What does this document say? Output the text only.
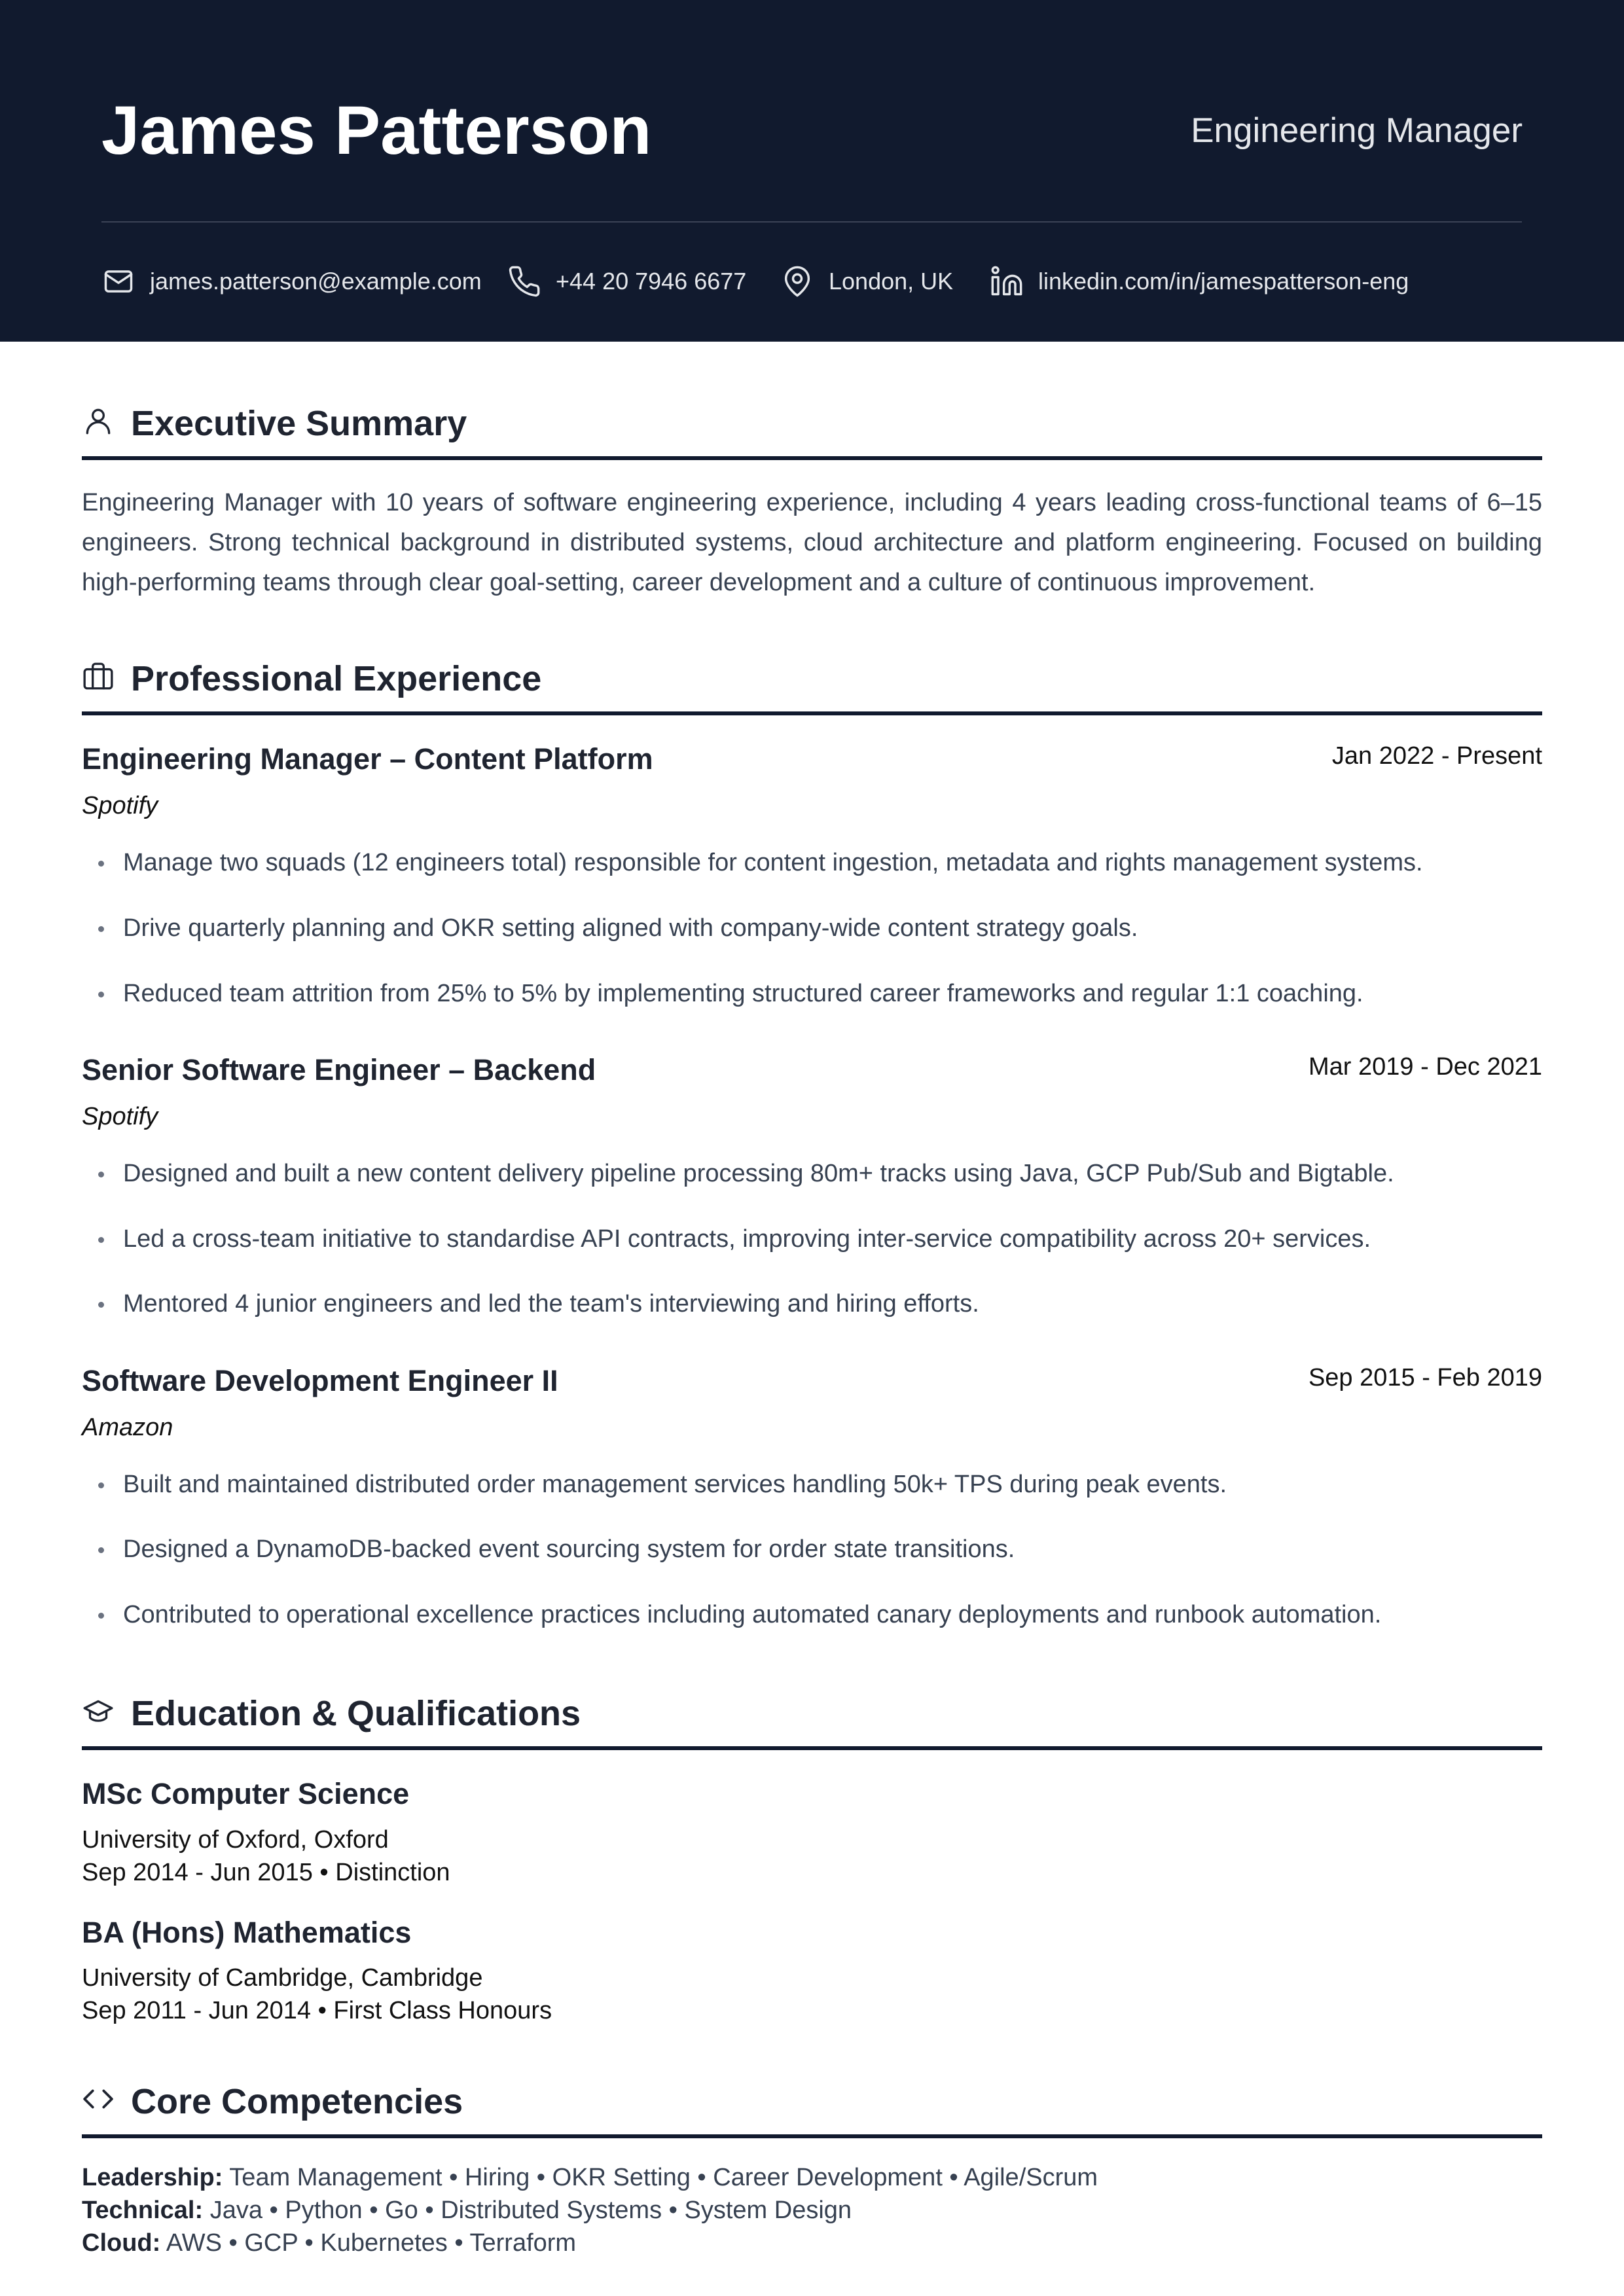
James Patterson	Engineering Manager
james.patterson@example.com	+44 20 7946 6677	London, UK	linkedin.com/in/jamespatterson-eng
Executive Summary

Engineering Manager with 10 years of software engineering experience, including 4 years leading cross-functional teams of 6–15 engineers. Strong technical background in distributed systems, cloud architecture and platform engineering. Focused on building high-performing teams through clear goal-setting, career development and a culture of continuous improvement.

Professional Experience
Engineering Manager – Content Platform	Jan 2022 - Present
Spotify
Manage two squads (12 engineers total) responsible for content ingestion, metadata and rights management systems.
Drive quarterly planning and OKR setting aligned with company-wide content strategy goals.
Reduced team attrition from 25% to 5% by implementing structured career frameworks and regular 1:1 coaching.
Senior Software Engineer – Backend	Mar 2019 - Dec 2021
Spotify
Designed and built a new content delivery pipeline processing 80m+ tracks using Java, GCP Pub/Sub and Bigtable.
Led a cross-team initiative to standardise API contracts, improving inter-service compatibility across 20+ services.
Mentored 4 junior engineers and led the team's interviewing and hiring efforts.
Software Development Engineer II	Sep 2015 - Feb 2019
Amazon
Built and maintained distributed order management services handling 50k+ TPS during peak events.
Designed a DynamoDB-backed event sourcing system for order state transitions.
Contributed to operational excellence practices including automated canary deployments and runbook automation.
Education & Qualifications
MSc Computer Science
University of Oxford, Oxford
Sep 2014 - Jun 2015 • Distinction
BA (Hons) Mathematics
University of Cambridge, Cambridge
Sep 2011 - Jun 2014 • First Class Honours
Core Competencies
Leadership: Team Management • Hiring • OKR Setting • Career Development • Agile/Scrum
Technical: Java • Python • Go • Distributed Systems • System Design
Cloud: AWS • GCP • Kubernetes • Terraform
